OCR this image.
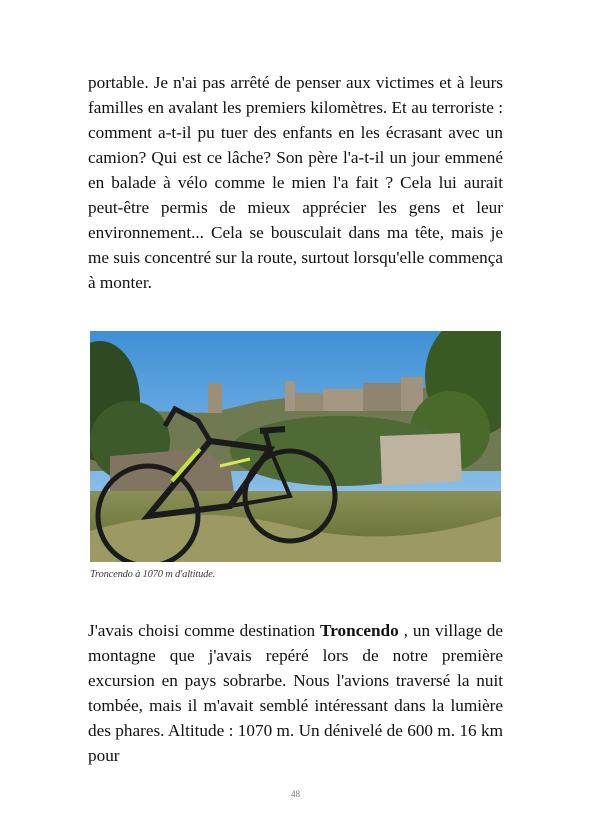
portable. Je n'ai pas arrêté de penser aux victimes et à leurs familles en avalant les premiers kilomètres. Et au terroriste : comment a-t-il pu tuer des enfants en les écrasant avec un camion? Qui est ce lâche? Son père l'a-t-il un jour emmené en balade à vélo comme le mien l'a fait ? Cela lui aurait peut-être permis de mieux apprécier les gens et leur environnement... Cela se bousculait dans ma tête, mais je me suis concentré sur la route, surtout lorsqu'elle commença à monter.

Troncendo à 1070 m d'altitude.

J'avais choisi comme destination Troncendo , un village de montagne que j'avais repéré lors de notre première excursion en pays sobrarbe. Nous l'avions traversé la nuit tombée, mais il m'avait semblé intéressant dans la lumière des phares. Altitude : 1070 m. Un dénivelé de 600 m. 16 km pour

48
